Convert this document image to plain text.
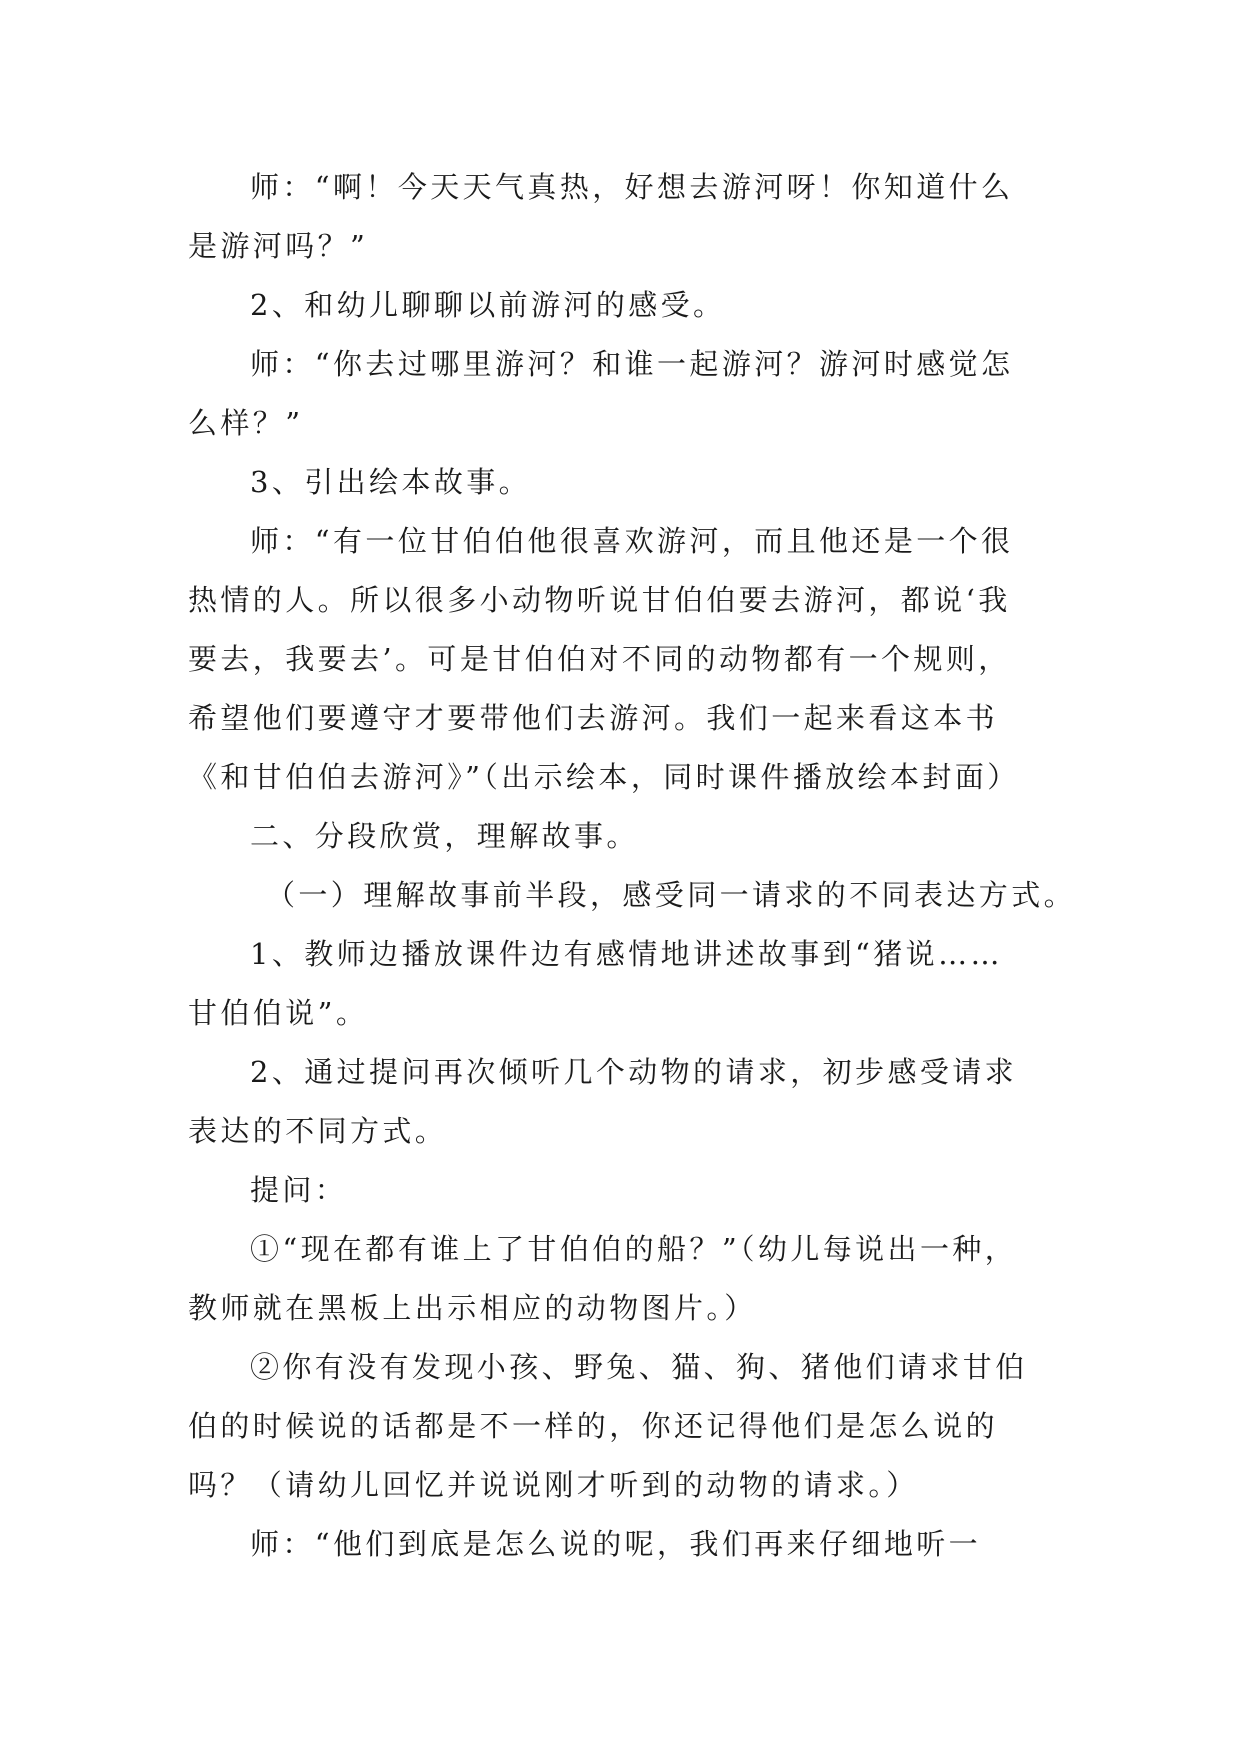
师：“啊！今天天气真热，好想去游河呀！你知道什么
是游河吗？”
2、和幼儿聊聊以前游河的感受。
师：“你去过哪里游河？和谁一起游河？游河时感觉怎
么样？”
3、引出绘本故事。
师：“有一位甘伯伯他很喜欢游河，而且他还是一个很
热情的人。所以很多小动物听说甘伯伯要去游河，都说‘我
要去，我要去’。可是甘伯伯对不同的动物都有一个规则，
希望他们要遵守才要带他们去游河。我们一起来看这本书
《和甘伯伯去游河》”（出示绘本，同时课件播放绘本封面）
二、分段欣赏，理解故事。
（一）理解故事前半段，感受同一请求的不同表达方式。
1、教师边播放课件边有感情地讲述故事到“猪说……
甘伯伯说”。
2、通过提问再次倾听几个动物的请求，初步感受请求
表达的不同方式。
提问：
①“现在都有谁上了甘伯伯的船？”（幼儿每说出一种，
教师就在黑板上出示相应的动物图片。）
②你有没有发现小孩、野兔、猫、狗、猪他们请求甘伯
伯的时候说的话都是不一样的，你还记得他们是怎么说的
吗？（请幼儿回忆并说说刚才听到的动物的请求。）
师：“他们到底是怎么说的呢，我们再来仔细地听一
